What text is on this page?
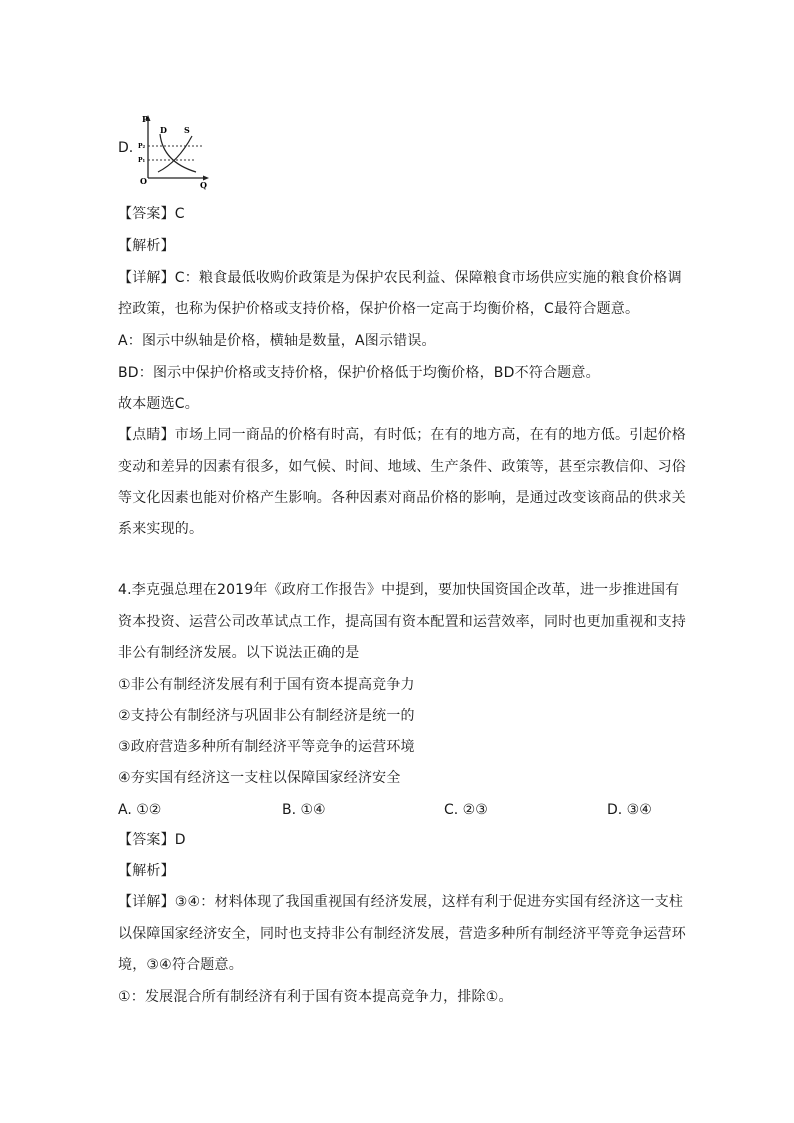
D.
P
Q
O
D S
P₂
P₁
【答案】C
【解析】
【详解】C：粮食最低收购价政策是为保护农民利益、保障粮食市场供应实施的粮食价格调
控政策，也称为保护价格或支持价格，保护价格一定高于均衡价格，C最符合题意。
A：图示中纵轴是价格，横轴是数量，A图示错误。
BD：图示中保护价格或支持价格，保护价格低于均衡价格，BD不符合题意。
故本题选C。
【点睛】市场上同一商品的价格有时高，有时低；在有的地方高，在有的地方低。引起价格
变动和差异的因素有很多，如气候、时间、地域、生产条件、政策等，甚至宗教信仰、习俗
等文化因素也能对价格产生影响。各种因素对商品价格的影响，是通过改变该商品的供求关
系来实现的。
4.李克强总理在2019年《政府工作报告》中提到，要加快国资国企改革，进一步推进国有
资本投资、运营公司改革试点工作，提高国有资本配置和运营效率，同时也更加重视和支持
非公有制经济发展。以下说法正确的是
①非公有制经济发展有利于国有资本提高竞争力
②支持公有制经济与巩固非公有制经济是统一的
③政府营造多种所有制经济平等竞争的运营环境
④夯实国有经济这一支柱以保障国家经济安全
A. ①②	B. ①④	C. ②③	D. ③④
【答案】D
【解析】
【详解】③④：材料体现了我国重视国有经济发展，这样有利于促进夯实国有经济这一支柱
以保障国家经济安全，同时也支持非公有制经济发展，营造多种所有制经济平等竞争运营环
境，③④符合题意。
①：发展混合所有制经济有利于国有资本提高竞争力，排除①。
